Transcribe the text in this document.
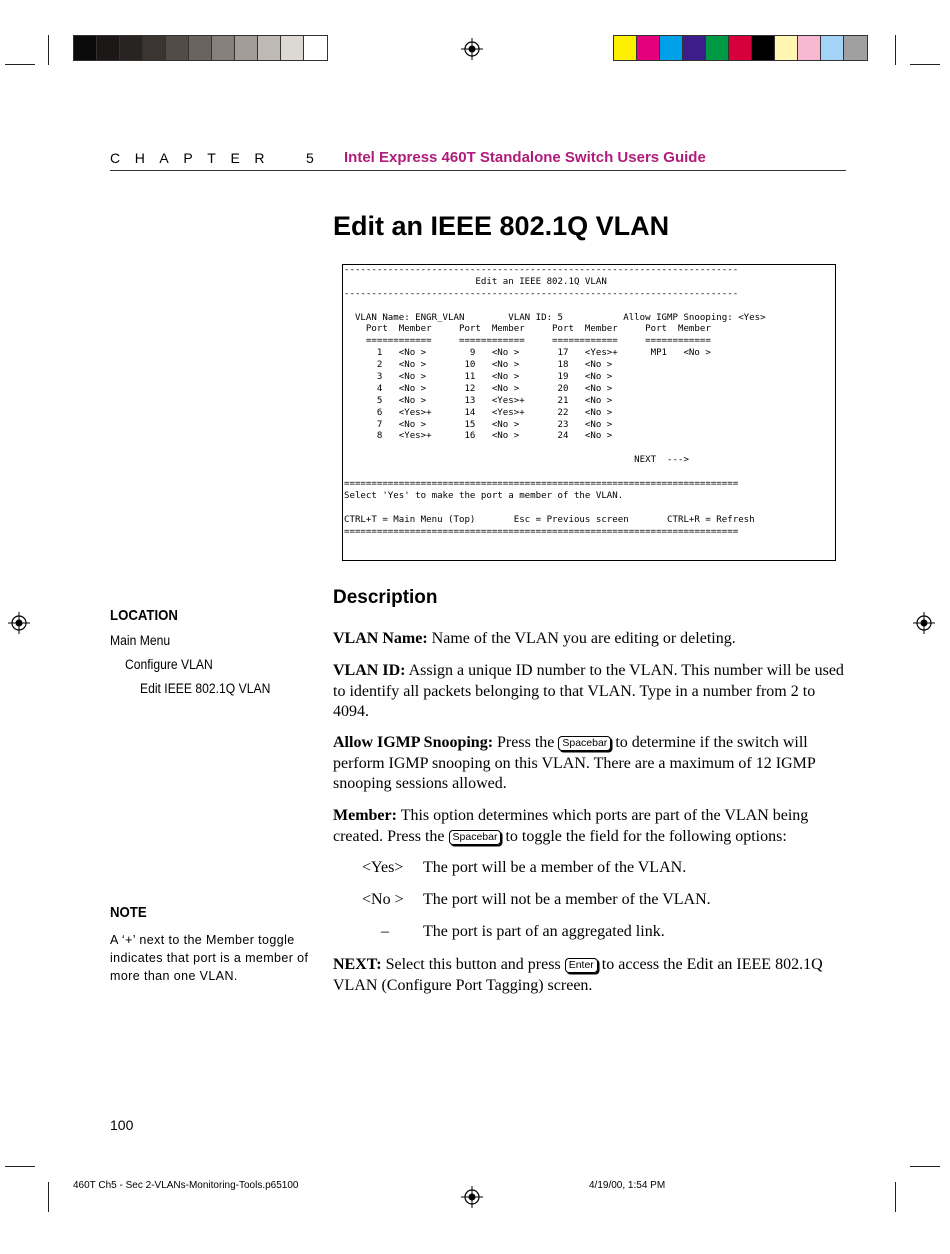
CHAPTER 5 Intel Express 460T Standalone Switch Users Guide
Edit an IEEE 802.1Q VLAN
------------------------------------------------------------------------
Edit an IEEE 802.1Q VLAN
------------------------------------------------------------------------
VLAN Name: ENGR_VLAN        VLAN ID: 5           Allow IGMP Snooping: <Yes>
Port  Member     Port  Member     Port  Member     Port  Member
============     ============     ============     ============
1   <No >        9   <No >       17   <Yes>+      MP1   <No >
2   <No >       10   <No >       18   <No >
3   <No >       11   <No >       19   <No >
4   <No >       12   <No >       20   <No >
5   <No >       13   <Yes>+      21   <No >
6   <Yes>+      14   <Yes>+      22   <No >
7   <No >       15   <No >       23   <No >
8   <Yes>+      16   <No >       24   <No >
NEXT  --->
========================================================================
Select 'Yes' to make the port a member of the VLAN.
CTRL+T = Main Menu (Top)       Esc = Previous screen       CTRL+R = Refresh
========================================================================
LOCATION
Main Menu
Configure VLAN
Edit IEEE 802.1Q VLAN
NOTE
A ‘+’ next to the Member toggle indicates that port is a member of more than one VLAN.
Description

VLAN Name: Name of the VLAN you are editing or deleting.

VLAN ID: Assign a unique ID number to the VLAN. This number will be used to identify all packets belonging to that VLAN. Type in a number from 2 to 4094.

Allow IGMP Snooping: Press the Spacebar to determine if the switch will perform IGMP snooping on this VLAN. There are a maximum of 12 IGMP snooping sessions allowed.

Member: This option determines which ports are part of the VLAN being created. Press the Spacebar to toggle the field for the following options:

<Yes> The port will be a member of the VLAN.
<No > The port will not be a member of the VLAN.
– The port is part of an aggregated link.

NEXT: Select this button and press Enter to access the Edit an IEEE 802.1Q VLAN (Configure Port Tagging) screen.

100
460T Ch5 - Sec 2-VLANs-Monitoring-Tools.p65100	4/19/00, 1:54 PM
